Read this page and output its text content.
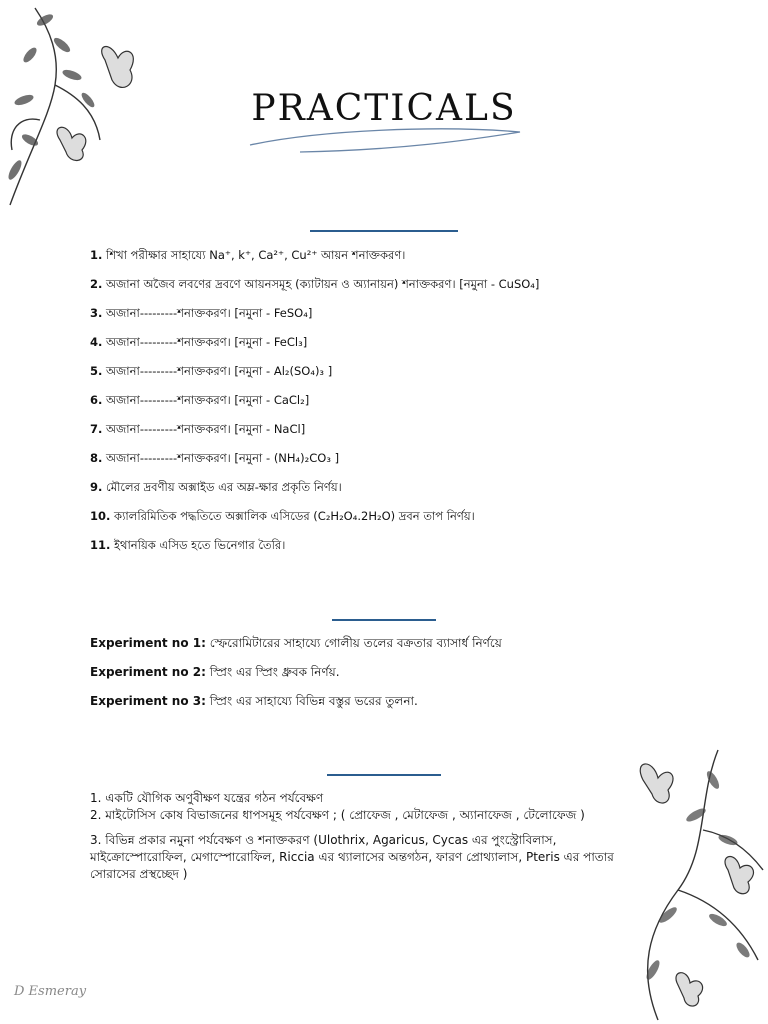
PRACTICALS

1. শিখা পরীক্ষার সাহায্যে Na⁺, k⁺, Ca²⁺, Cu²⁺ আয়ন শনাক্তকরণ।

2. অজানা অজৈব লবণের দ্রবণে আয়নসমূহ (ক্যাটায়ন ও অ্যানায়ন) শনাক্তকরণ। [নমুনা - CuSO₄]

3. অজানা---------শনাক্তকরণ। [নমুনা - FeSO₄]

4. অজানা---------শনাক্তকরণ। [নমুনা - FeCl₃]

5. অজানা---------শনাক্তকরণ। [নমুনা - Al₂(SO₄)₃ ]

6. অজানা---------শনাক্তকরণ। [নমুনা - CaCl₂]

7. অজানা---------শনাক্তকরণ। [নমুনা - NaCl]

8. অজানা---------শনাক্তকরণ। [নমুনা - (NH₄)₂CO₃ ]

9. মৌলের দ্রবণীয় অক্সাইড এর অম্ল-ক্ষার প্রকৃতি নির্ণয়।

10. ক্যালরিমিতিক পদ্ধতিতে অক্সালিক এসিডের (C₂H₂O₄.2H₂O) দ্রবন তাপ নির্ণয়।

11. ইথানয়িক এসিড হতে ভিনেগার তৈরি।

Experiment no 1: স্ফেরোমিটারের সাহায্যে গোলীয় তলের বক্রতার ব্যাসার্ধ নির্ণয়ে

Experiment no 2: স্প্রিং এর স্প্রিং ধ্রুবক নির্ণয়.

Experiment no 3: স্প্রিং এর সাহায্যে বিভিন্ন বস্তুর ভরের তুলনা.

1. একটি যৌগিক অণুবীক্ষণ যন্ত্রের গঠন পর্যবেক্ষণ

2. মাইটোসিস কোষ বিভাজনের ধাপসমূহ পর্যবেক্ষণ ; ( প্রোফেজ , মেটাফেজ , অ্যানাফেজ , টেলোফেজ )

3. বিভিন্ন প্রকার নমুনা পর্যবেক্ষণ ও শনাক্তকরণ (Ulothrix, Agaricus, Cycas এর পুংস্ট্রোবিলাস, মাইক্রোস্পোরোফিল, মেগাস্পোরোফিল, Riccia এর থ্যালাসের অন্তগঠন, ফারণ প্রোথ্যালাস, Pteris এর পাতার সোরাসের প্রস্থচ্ছেদ )

D Esmeray
